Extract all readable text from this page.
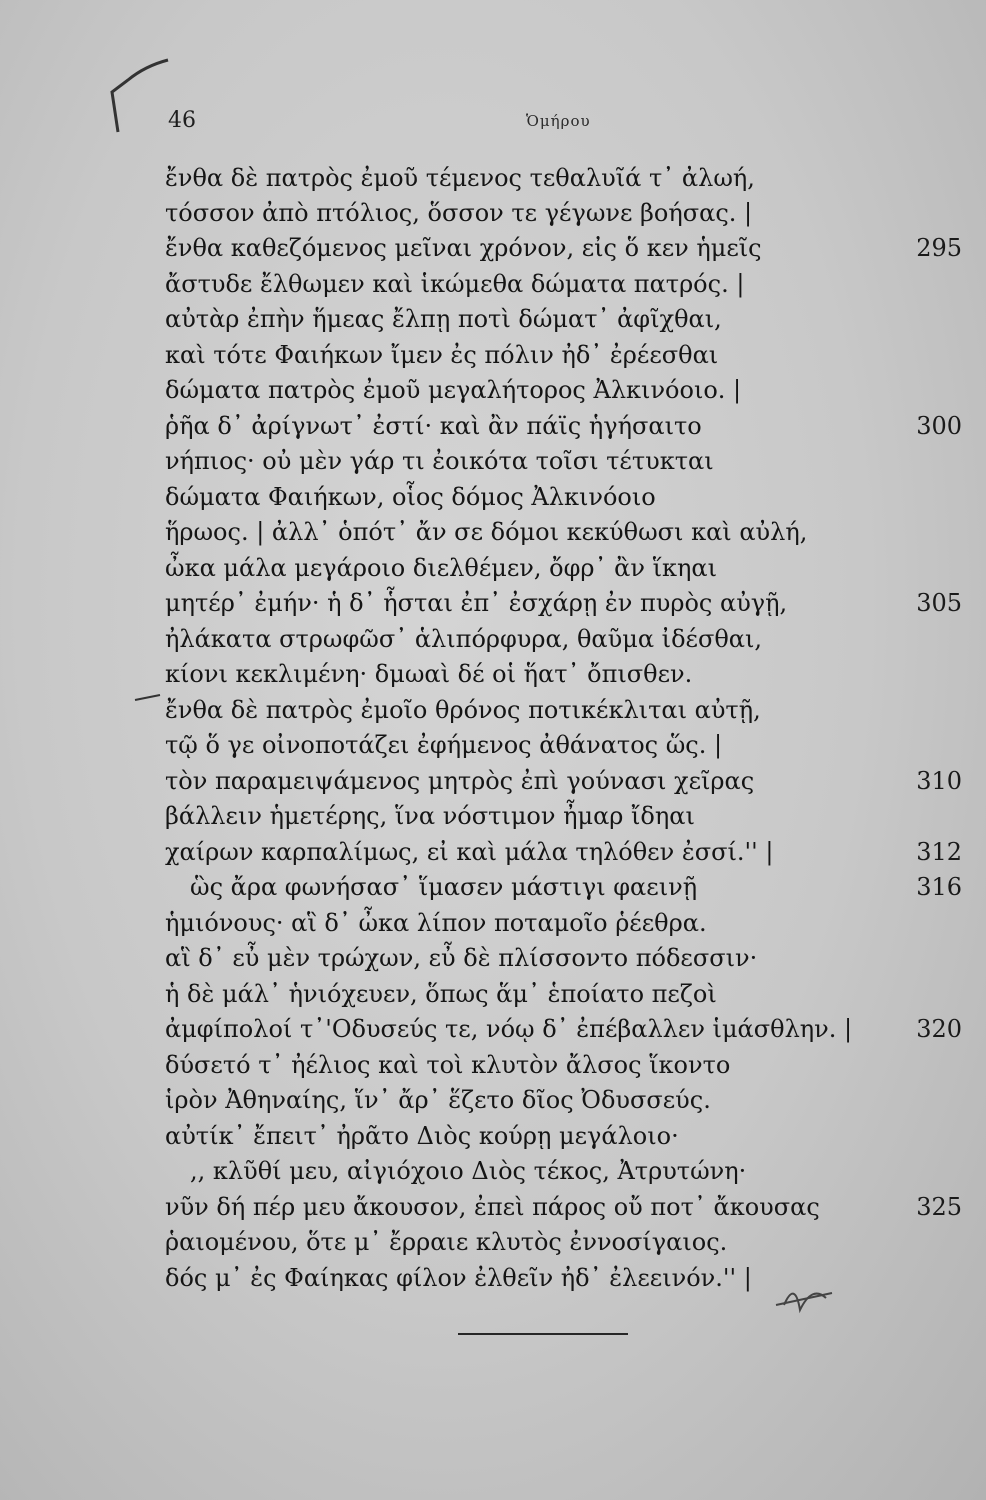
46	Ὁμήρου
ἔνθα δὲ πατρὸς ἐμοῦ τέμενος τεθαλυῖά τ᾽ ἀλωή,
τόσσον ἀπὸ πτόλιος, ὅσσον τε γέγωνε βοήσας. |
ἔνθα καθεζόμενος μεῖναι χρόνον, εἰς ὅ κεν ἡμεῖς
ἄστυδε ἔλθωμεν καὶ ἱκώμεθα δώματα πατρός. |
αὐτὰρ ἐπὴν ἥμεας ἔλπῃ ποτὶ δώματ᾽ ἀφῖχθαι,
καὶ τότε Φαιήκων ἴμεν ἐς πόλιν ἠδ᾽ ἐρέεσθαι
δώματα πατρὸς ἐμοῦ μεγαλήτορος Ἀλκινόοιο. |
ῥῆα δ᾽ ἀρίγνωτ᾽ ἐστί· καὶ ἂν πάϊς ἡγήσαιτο
νήπιος· οὐ μὲν γάρ τι ἐοικότα τοῖσι τέτυκται
δώματα Φαιήκων, οἷος δόμος Ἀλκινόοιο
ἥρωος. | ἀλλ᾽ ὁπότ᾽ ἄν σε δόμοι κεκύθωσι καὶ αὐλή,
ὦκα μάλα μεγάροιο διελθέμεν, ὄφρ᾽ ἂν ἵκηαι
μητέρ᾽ ἐμήν· ἡ δ᾽ ἧσται ἐπ᾽ ἐσχάρῃ ἐν πυρὸς αὐγῇ,
ἠλάκατα στρωφῶσ᾽ ἁλιπόρφυρα, θαῦμα ἰδέσθαι,
κίονι κεκλιμένη· δμωαὶ δέ οἱ ἥατ᾽ ὄπισθεν.
ἔνθα δὲ πατρὸς ἐμοῖο θρόνος ποτικέκλιται αὐτῇ,
τῷ ὅ γε οἰνοποτάζει ἐφήμενος ἀθάνατος ὥς. |
τὸν παραμειψάμενος μητρὸς ἐπὶ γούνασι χεῖρας
βάλλειν ἡμετέρης, ἵνα νόστιμον ἦμαρ ἴδηαι
χαίρων καρπαλίμως, εἰ καὶ μάλα τηλόθεν ἐσσί.'' |
ὣς ἄρα φωνήσασ᾽ ἵμασεν μάστιγι φαεινῇ
ἡμιόνους· αἳ δ᾽ ὦκα λίπον ποταμοῖο ῥέεθρα.
αἳ δ᾽ εὖ μὲν τρώχων, εὖ δὲ πλίσσοντο πόδεσσιν·
ἡ δὲ μάλ᾽ ἡνιόχευεν, ὅπως ἅμ᾽ ἑποίατο πεζοὶ
ἀμφίπολοί τ᾽'Οδυσεύς τε, νόῳ δ᾽ ἐπέβαλλεν ἱμάσθλην. |
δύσετό τ᾽ ἠέλιος καὶ τοὶ κλυτὸν ἄλσος ἵκοντο
ἱρὸν Ἀθηναίης, ἵν᾽ ἄρ᾽ ἕζετο δῖος Ὀδυσσεύς.
αὐτίκ᾽ ἔπειτ᾽ ἠρᾶτο Διὸς κούρῃ μεγάλοιο·
,, κλῦθί μευ, αἰγιόχοιο Διὸς τέκος, Ἀτρυτώνη·
νῦν δή πέρ μευ ἄκουσον, ἐπεὶ πάρος οὔ ποτ᾽ ἄκουσας
ῥαιομένου, ὅτε μ᾽ ἔρραιε κλυτὸς ἐννοσίγαιος.
δός μ᾽ ἐς Φαίηκας φίλον ἐλθεῖν ἠδ᾽ ἐλεεινόν.'' |
295
300
305
310
312
316
320
325
